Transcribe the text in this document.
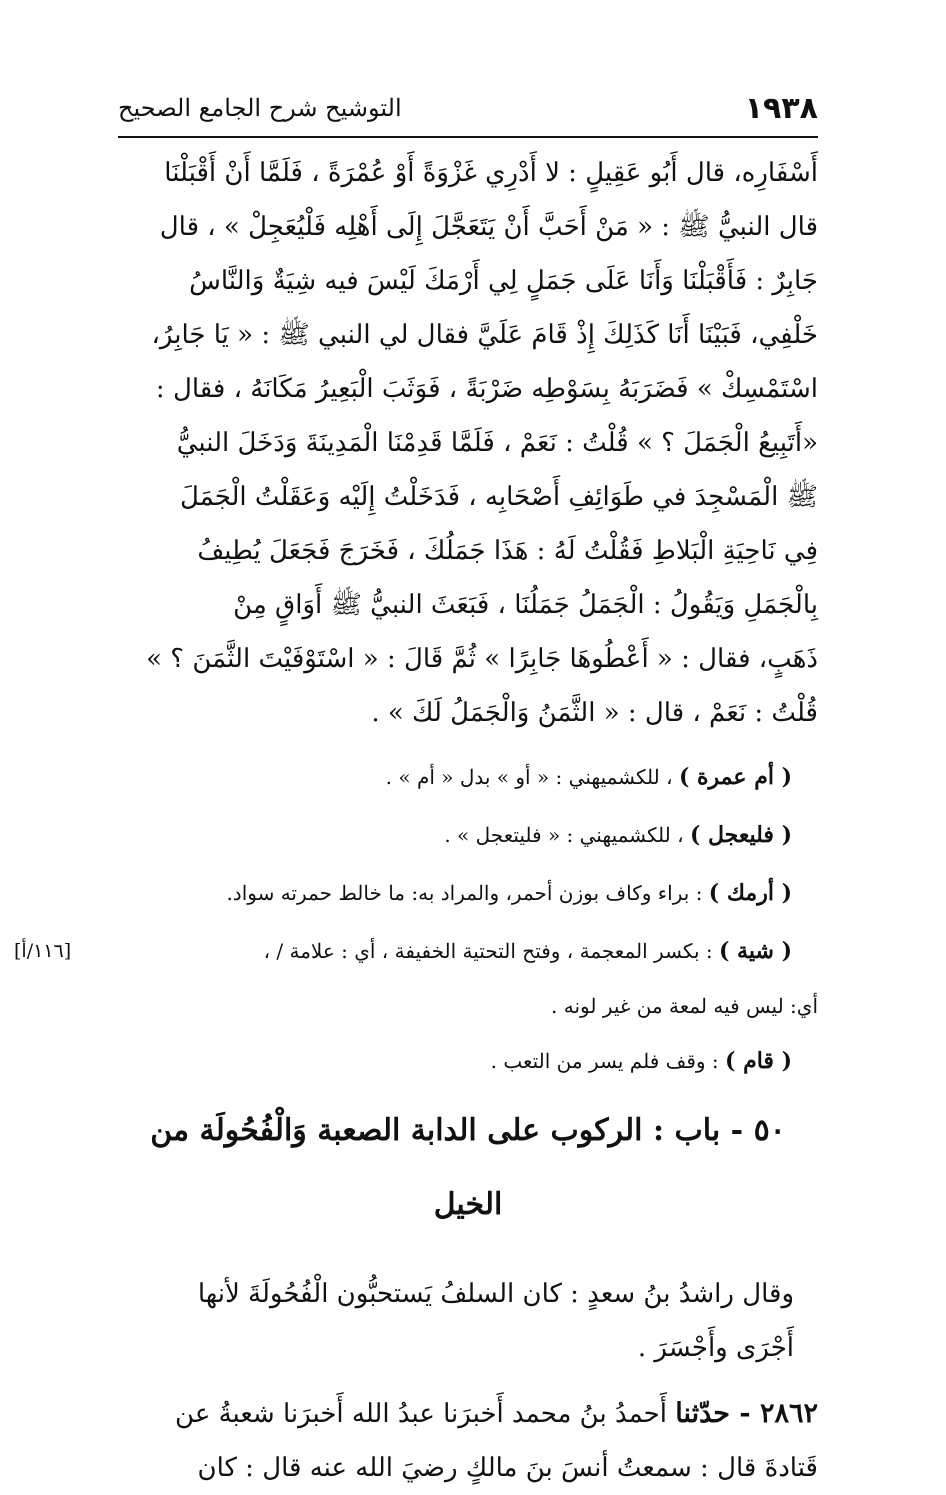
١٩٣٨
التوشيح شرح الجامع الصحيح

أَسْفَارِه، قال أَبُو عَقِيلٍ : لا أَدْرِي غَزْوَةً أَوْ عُمْرَةً ، فَلَمَّا أَنْ أَقْبَلْنَا

قال النبيُّ ﷺ : « مَنْ أَحَبَّ أَنْ يَتَعَجَّلَ إِلَى أَهْلِه فَلْيُعَجِلْ » ، قال

جَابِرٌ : فَأَقْبَلْنَا وَأَنَا عَلَى جَمَلٍ لِي أَرْمَكَ لَيْسَ فيه شِيَةٌ وَالنَّاسُ

خَلْفِي، فَبَيْنَا أَنَا كَذَلِكَ إِذْ قَامَ عَلَيَّ فقال لي النبي ﷺ : « يَا جَابِرُ،

اسْتَمْسِكْ » فَضَرَبَهُ بِسَوْطِه ضَرْبَةً ، فَوَثَبَ الْبَعِيرُ مَكَانَهُ ، فقال :

«أَتَبِيعُ الْجَمَلَ ؟ » قُلْتُ : نَعَمْ ، فَلَمَّا قَدِمْنَا الْمَدِينَةَ وَدَخَلَ النبيُّ

ﷺ الْمَسْجِدَ في طَوَائِفِ أَصْحَابِه ، فَدَخَلْتُ إِلَيْه وَعَقَلْتُ الْجَمَلَ

فِي نَاحِيَةِ الْبَلاطِ فَقُلْتُ لَهُ : هَذَا جَمَلُكَ ، فَخَرَجَ فَجَعَلَ يُطِيفُ

بِالْجَمَلِ وَيَقُولُ : الْجَمَلُ جَمَلُنَا ، فَبَعَثَ النبيُّ ﷺ أَوَاقٍ مِنْ

ذَهَبٍ، فقال : « أَعْطُوهَا جَابِرًا » ثُمَّ قَالَ : « اسْتَوْفَيْتَ الثَّمَنَ ؟ »

قُلْتُ : نَعَمْ ، قال : « الثَّمَنُ وَالْجَمَلُ لَكَ » .

( أم عمرة ) ، للكشميهني : « أو » بدل « أم » .

( فليعجل ) ، للكشميهني : « فليتعجل » .

( أرمك ) : براء وكاف بوزن أحمر، والمراد به: ما خالط حمرته سواد.

[١١٦/أ]	( شية ) : بكسر المعجمة ، وفتح التحتية الخفيفة ، أي : علامة / ،

أي: ليس فيه لمعة من غير لونه .

( قام ) : وقف فلم يسر من التعب .

٥٠ - باب : الركوب على الدابة الصعبة وَالْفُحُولَة من الخيل

وقال راشدُ بنُ سعدٍ : كان السلفُ يَستحبُّون الْفُحُولَةَ لأنها

أَجْرَى وأَجْسَرَ .

٢٨٦٢ - حدّثنا أَحمدُ بنُ محمد أَخبرَنا عبدُ الله أَخبرَنا شعبةُ عن

قَتادةَ قال : سمعتُ أنسَ بنَ مالكٍ رضيَ الله عنه قال : كان
